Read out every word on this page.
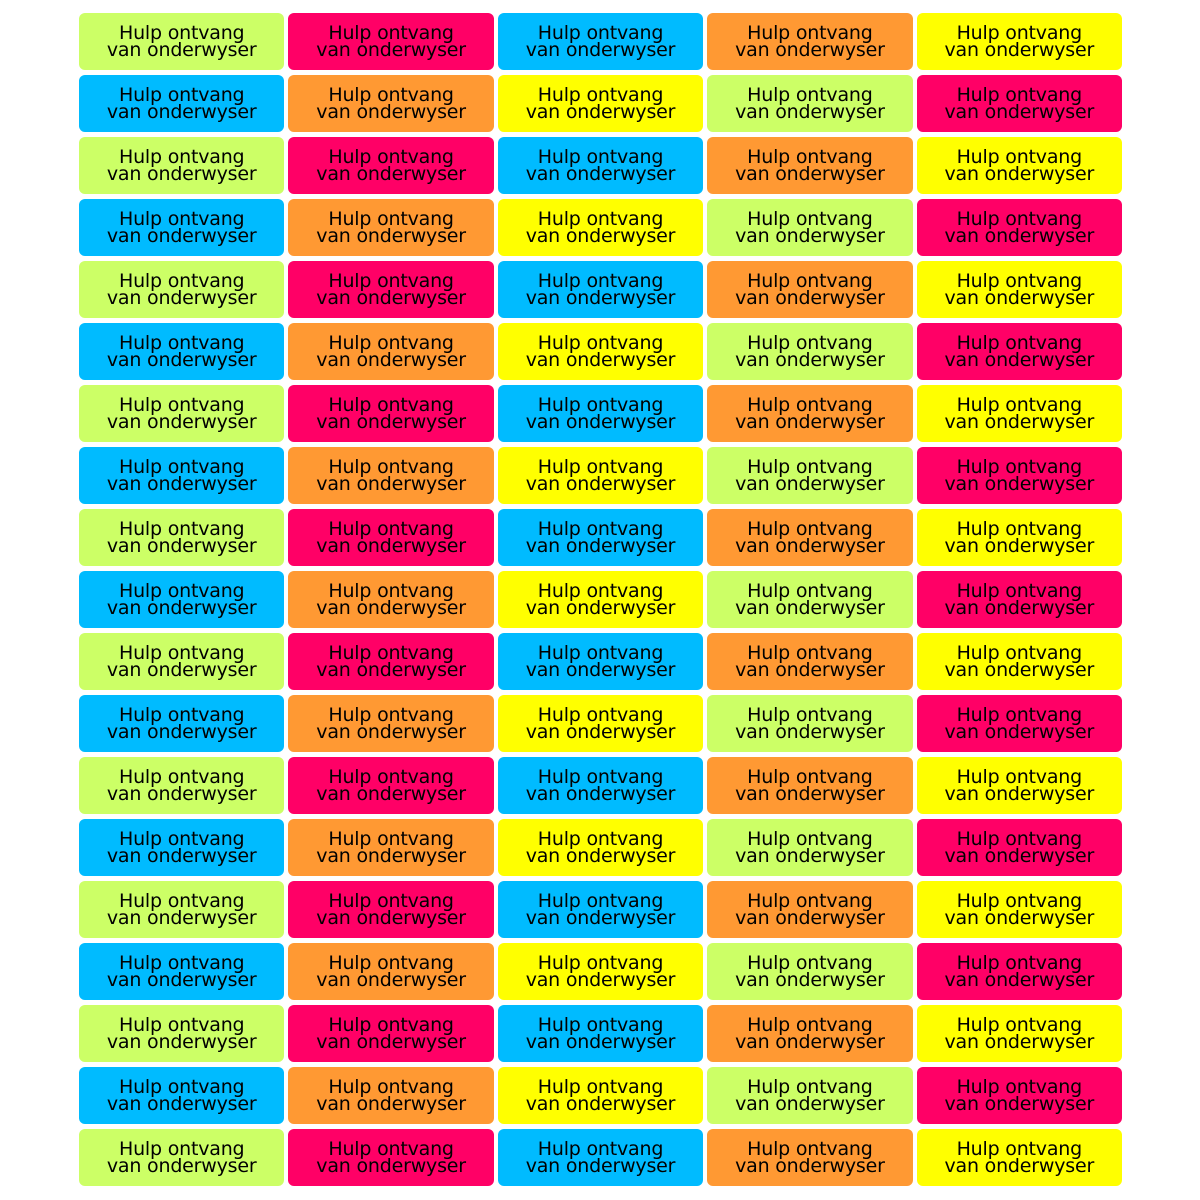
Hulp ontvang
van onderwyser
Hulp ontvang
van onderwyser
Hulp ontvang
van onderwyser
Hulp ontvang
van onderwyser
Hulp ontvang
van onderwyser
Hulp ontvang
van onderwyser
Hulp ontvang
van onderwyser
Hulp ontvang
van onderwyser
Hulp ontvang
van onderwyser
Hulp ontvang
van onderwyser
Hulp ontvang
van onderwyser
Hulp ontvang
van onderwyser
Hulp ontvang
van onderwyser
Hulp ontvang
van onderwyser
Hulp ontvang
van onderwyser
Hulp ontvang
van onderwyser
Hulp ontvang
van onderwyser
Hulp ontvang
van onderwyser
Hulp ontvang
van onderwyser
Hulp ontvang
van onderwyser
Hulp ontvang
van onderwyser
Hulp ontvang
van onderwyser
Hulp ontvang
van onderwyser
Hulp ontvang
van onderwyser
Hulp ontvang
van onderwyser
Hulp ontvang
van onderwyser
Hulp ontvang
van onderwyser
Hulp ontvang
van onderwyser
Hulp ontvang
van onderwyser
Hulp ontvang
van onderwyser
Hulp ontvang
van onderwyser
Hulp ontvang
van onderwyser
Hulp ontvang
van onderwyser
Hulp ontvang
van onderwyser
Hulp ontvang
van onderwyser
Hulp ontvang
van onderwyser
Hulp ontvang
van onderwyser
Hulp ontvang
van onderwyser
Hulp ontvang
van onderwyser
Hulp ontvang
van onderwyser
Hulp ontvang
van onderwyser
Hulp ontvang
van onderwyser
Hulp ontvang
van onderwyser
Hulp ontvang
van onderwyser
Hulp ontvang
van onderwyser
Hulp ontvang
van onderwyser
Hulp ontvang
van onderwyser
Hulp ontvang
van onderwyser
Hulp ontvang
van onderwyser
Hulp ontvang
van onderwyser
Hulp ontvang
van onderwyser
Hulp ontvang
van onderwyser
Hulp ontvang
van onderwyser
Hulp ontvang
van onderwyser
Hulp ontvang
van onderwyser
Hulp ontvang
van onderwyser
Hulp ontvang
van onderwyser
Hulp ontvang
van onderwyser
Hulp ontvang
van onderwyser
Hulp ontvang
van onderwyser
Hulp ontvang
van onderwyser
Hulp ontvang
van onderwyser
Hulp ontvang
van onderwyser
Hulp ontvang
van onderwyser
Hulp ontvang
van onderwyser
Hulp ontvang
van onderwyser
Hulp ontvang
van onderwyser
Hulp ontvang
van onderwyser
Hulp ontvang
van onderwyser
Hulp ontvang
van onderwyser
Hulp ontvang
van onderwyser
Hulp ontvang
van onderwyser
Hulp ontvang
van onderwyser
Hulp ontvang
van onderwyser
Hulp ontvang
van onderwyser
Hulp ontvang
van onderwyser
Hulp ontvang
van onderwyser
Hulp ontvang
van onderwyser
Hulp ontvang
van onderwyser
Hulp ontvang
van onderwyser
Hulp ontvang
van onderwyser
Hulp ontvang
van onderwyser
Hulp ontvang
van onderwyser
Hulp ontvang
van onderwyser
Hulp ontvang
van onderwyser
Hulp ontvang
van onderwyser
Hulp ontvang
van onderwyser
Hulp ontvang
van onderwyser
Hulp ontvang
van onderwyser
Hulp ontvang
van onderwyser
Hulp ontvang
van onderwyser
Hulp ontvang
van onderwyser
Hulp ontvang
van onderwyser
Hulp ontvang
van onderwyser
Hulp ontvang
van onderwyser
